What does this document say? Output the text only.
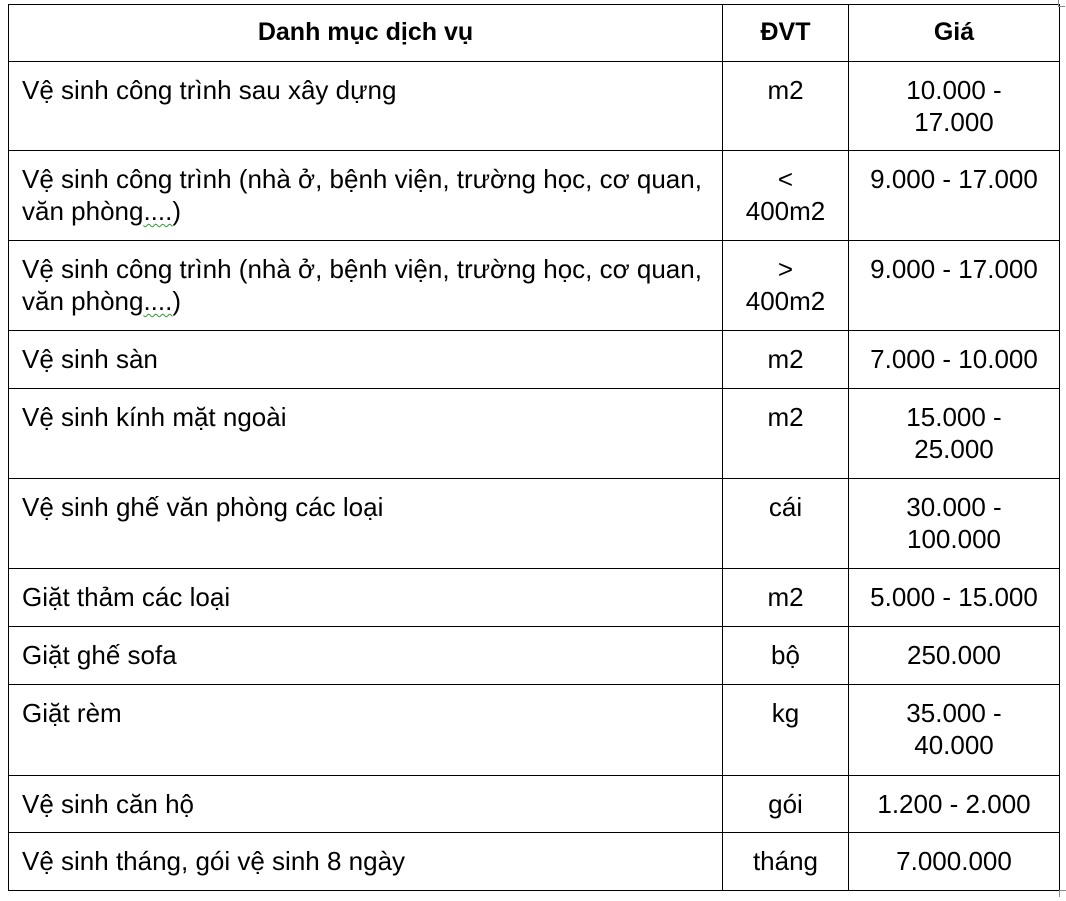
Danh mục dịch vụ	ĐVT	Giá
Vệ sinh công trình sau xây dựng	m2	10.000 - 17.000
Vệ sinh công trình (nhà ở, bệnh viện, trường học, cơ quan, văn phòng....)	< 400m2	9.000 - 17.000
Vệ sinh công trình (nhà ở, bệnh viện, trường học, cơ quan, văn phòng....)	> 400m2	9.000 - 17.000
Vệ sinh sàn	m2	7.000 - 10.000
Vệ sinh kính mặt ngoài	m2	15.000 - 25.000
Vệ sinh ghế văn phòng các loại	cái	30.000 - 100.000
Giặt thảm các loại	m2	5.000 - 15.000
Giặt ghế sofa	bộ	250.000
Giặt rèm	kg	35.000 - 40.000
Vệ sinh căn hộ	gói	1.200 - 2.000
Vệ sinh tháng, gói vệ sinh 8 ngày	tháng	7.000.000
